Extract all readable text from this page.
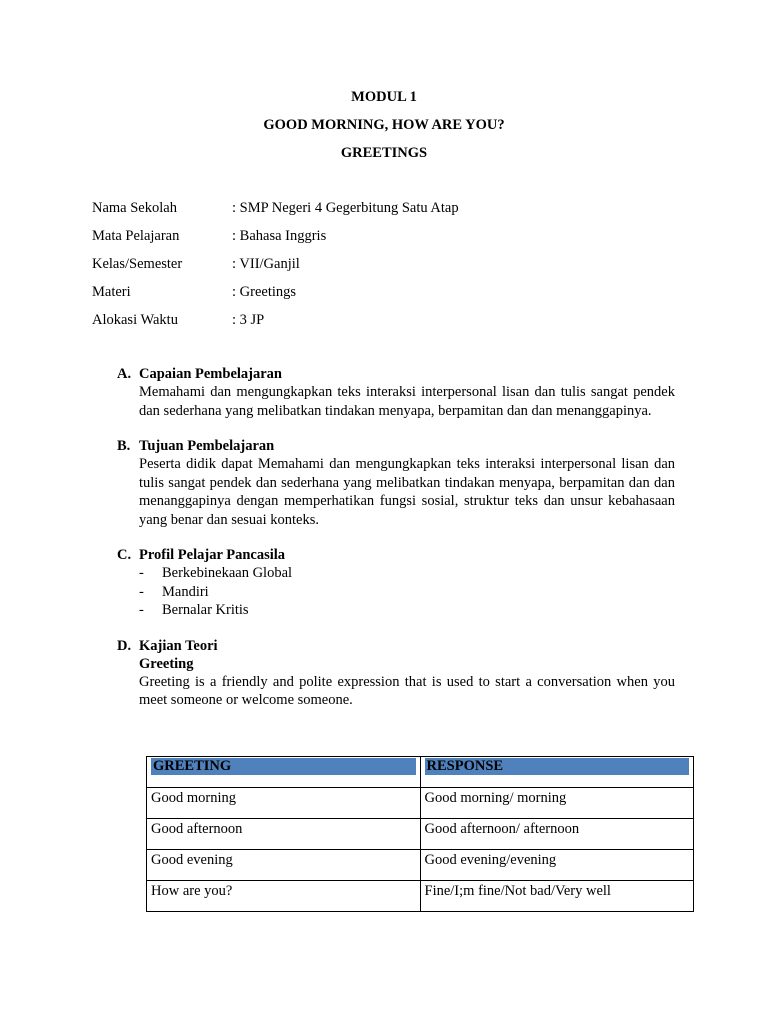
MODUL 1
GOOD MORNING, HOW ARE YOU?
GREETINGS
Nama Sekolah	: SMP Negeri 4 Gegerbitung Satu Atap
Mata Pelajaran	: Bahasa Inggris
Kelas/Semester	: VII/Ganjil
Materi	: Greetings
Alokasi Waktu	: 3 JP
A. Capaian Pembelajaran
Memahami dan mengungkapkan teks interaksi interpersonal lisan dan tulis sangat pendek dan sederhana yang melibatkan tindakan menyapa, berpamitan dan dan menanggapinya.
B. Tujuan Pembelajaran
Peserta didik dapat Memahami dan mengungkapkan teks interaksi interpersonal lisan dan tulis sangat pendek dan sederhana yang melibatkan tindakan menyapa, berpamitan dan dan menanggapinya dengan memperhatikan fungsi sosial, struktur teks dan unsur kebahasaan yang benar dan sesuai konteks.
C. Profil Pelajar Pancasila
-	Berkebinekaan Global
-	Mandiri
-	Bernalar Kritis
D. Kajian Teori
Greeting
Greeting is a friendly and polite expression that is used to start a conversation when you meet someone or welcome someone.
GREETING	RESPONSE

Good morning	Good morning/ morning
Good afternoon	Good afternoon/ afternoon
Good evening	Good evening/evening
How are you?	Fine/I;m fine/Not bad/Very well
